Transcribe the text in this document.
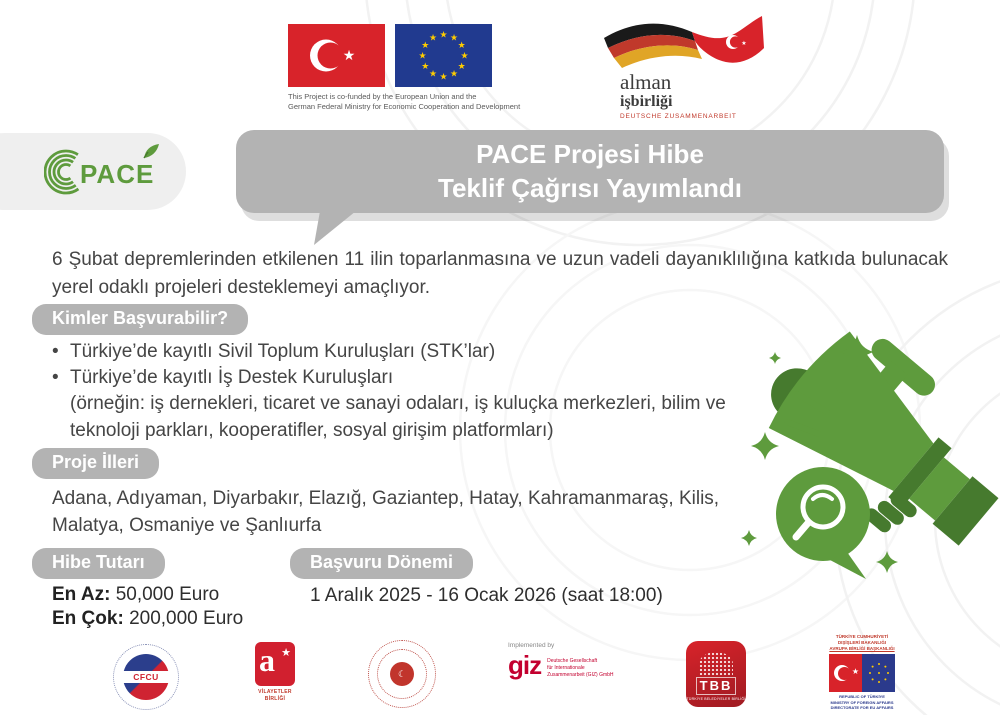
★
★ ★
★
★
★
★
★
★
★
★
★
★
This Project is co-funded by the European Union and the
German Federal Ministry for Economic Cooperation and Development
★
alman
işbirliği
DEUTSCHE ZUSAMMENARBEIT
PACE
PACE Projesi Hibe
Teklif Çağrısı Yayımlandı
6 Şubat depremlerinden etkilenen 11 ilin toparlanmasına ve uzun vadeli dayanıklılığına katkıda bulunacak yerel odaklı projeleri desteklemeyi amaçlıyor.
Kimler Başvurabilir?
• Türkiye’de kayıtlı Sivil Toplum Kuruluşları (STK’lar)
• Türkiye’de kayıtlı İş Destek Kuruluşları
(örneğin: iş dernekleri, ticaret ve sanayi odaları, iş kuluçka merkezleri, bilim ve teknoloji parkları, kooperatifler, sosyal girişim platformları)
Proje İlleri
Adana, Adıyaman, Diyarbakır, Elazığ, Gaziantep, Hatay, Kahramanmaraş, Kilis, Malatya, Osmaniye ve Şanlıurfa
Hibe Tutarı
En Az: 50,000 Euro
En Çok: 200,000 Euro
Başvuru Dönemi
1 Aralık 2025 - 16 Ocak 2026 (saat 18:00)
CFCU	a ★
VİLAYETLER
BİRLİĞİ
☾
Implemented by
giz Deutsche Gesellschaft
für Internationale
Zusammenarbeit (GIZ) GmbH
TBB
TÜRKİYE BELEDİYELER BİRLİĞİ
TÜRKİYE CUMHURİYETİ
DIŞİŞLERİ BAKANLIĞI
AVRUPA BİRLİĞİ BAŞKANLIĞI
★
REPUBLIC OF TÜRKİYE
MINISTRY OF FOREIGN AFFAIRS
DIRECTORATE FOR EU AFFAIRS
